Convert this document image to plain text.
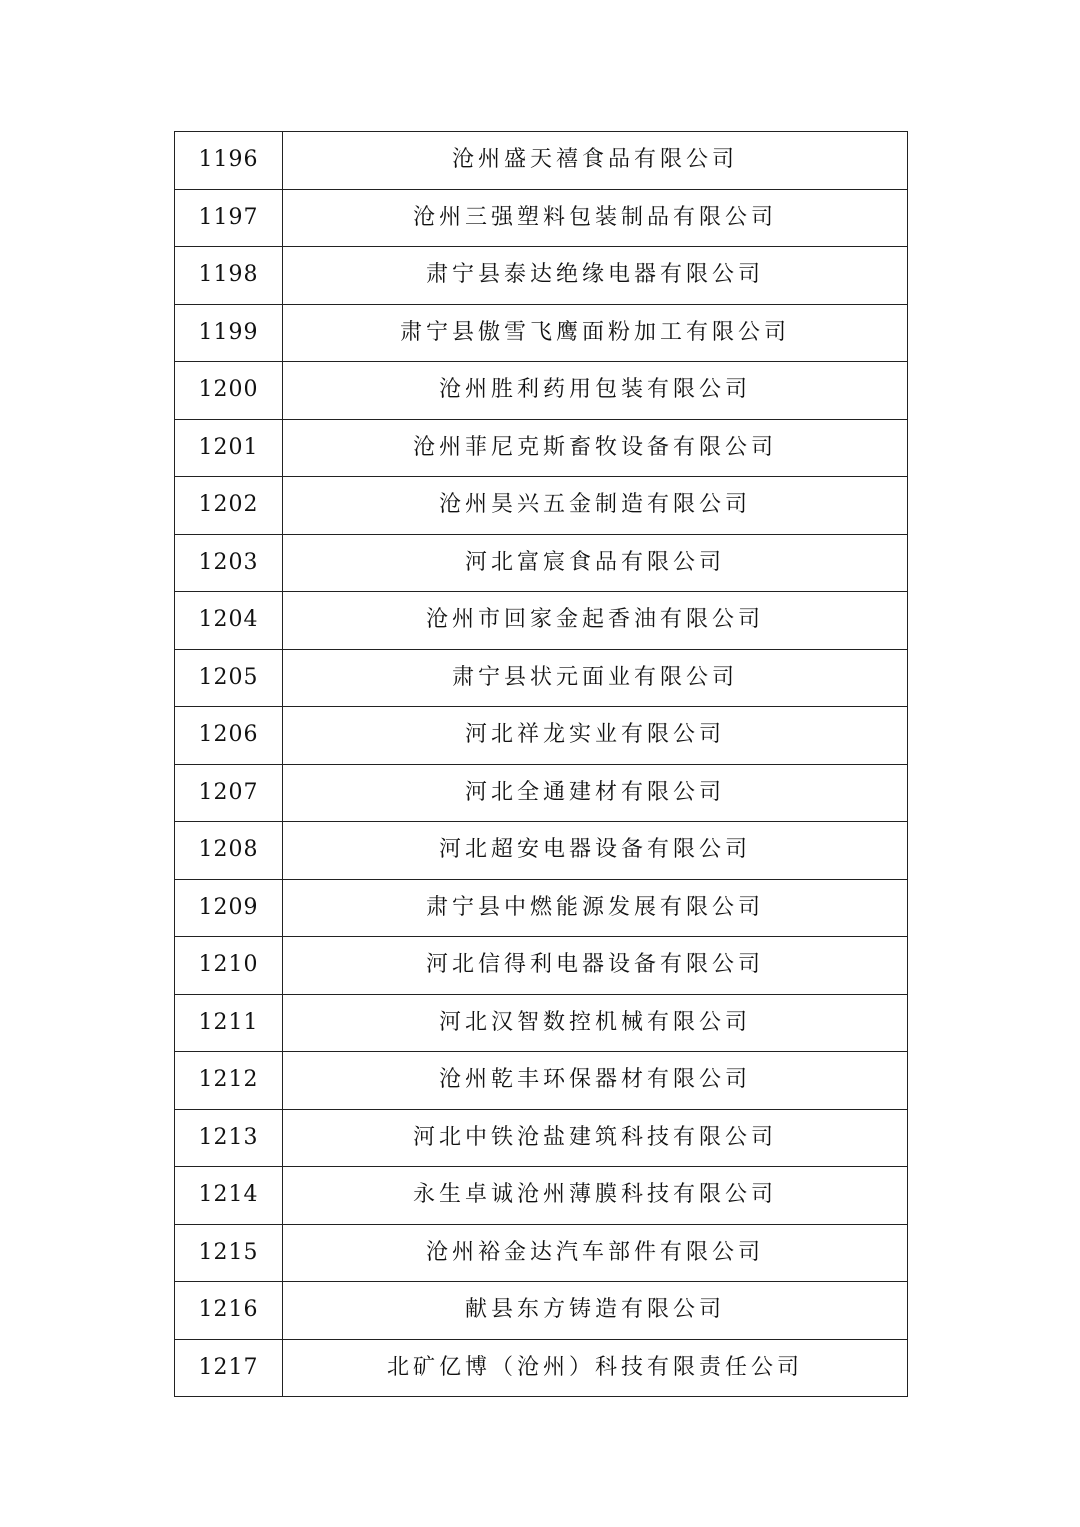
1196	沧州盛天禧食品有限公司
1197	沧州三强塑料包装制品有限公司
1198	肃宁县泰达绝缘电器有限公司
1199	肃宁县傲雪飞鹰面粉加工有限公司
1200	沧州胜利药用包装有限公司
1201	沧州菲尼克斯畜牧设备有限公司
1202	沧州昊兴五金制造有限公司
1203	河北富宸食品有限公司
1204	沧州市回家金起香油有限公司
1205	肃宁县状元面业有限公司
1206	河北祥龙实业有限公司
1207	河北全通建材有限公司
1208	河北超安电器设备有限公司
1209	肃宁县中燃能源发展有限公司
1210	河北信得利电器设备有限公司
1211	河北汉智数控机械有限公司
1212	沧州乾丰环保器材有限公司
1213	河北中铁沧盐建筑科技有限公司
1214	永生卓诚沧州薄膜科技有限公司
1215	沧州裕金达汽车部件有限公司
1216	献县东方铸造有限公司
1217	北矿亿博（沧州）科技有限责任公司
